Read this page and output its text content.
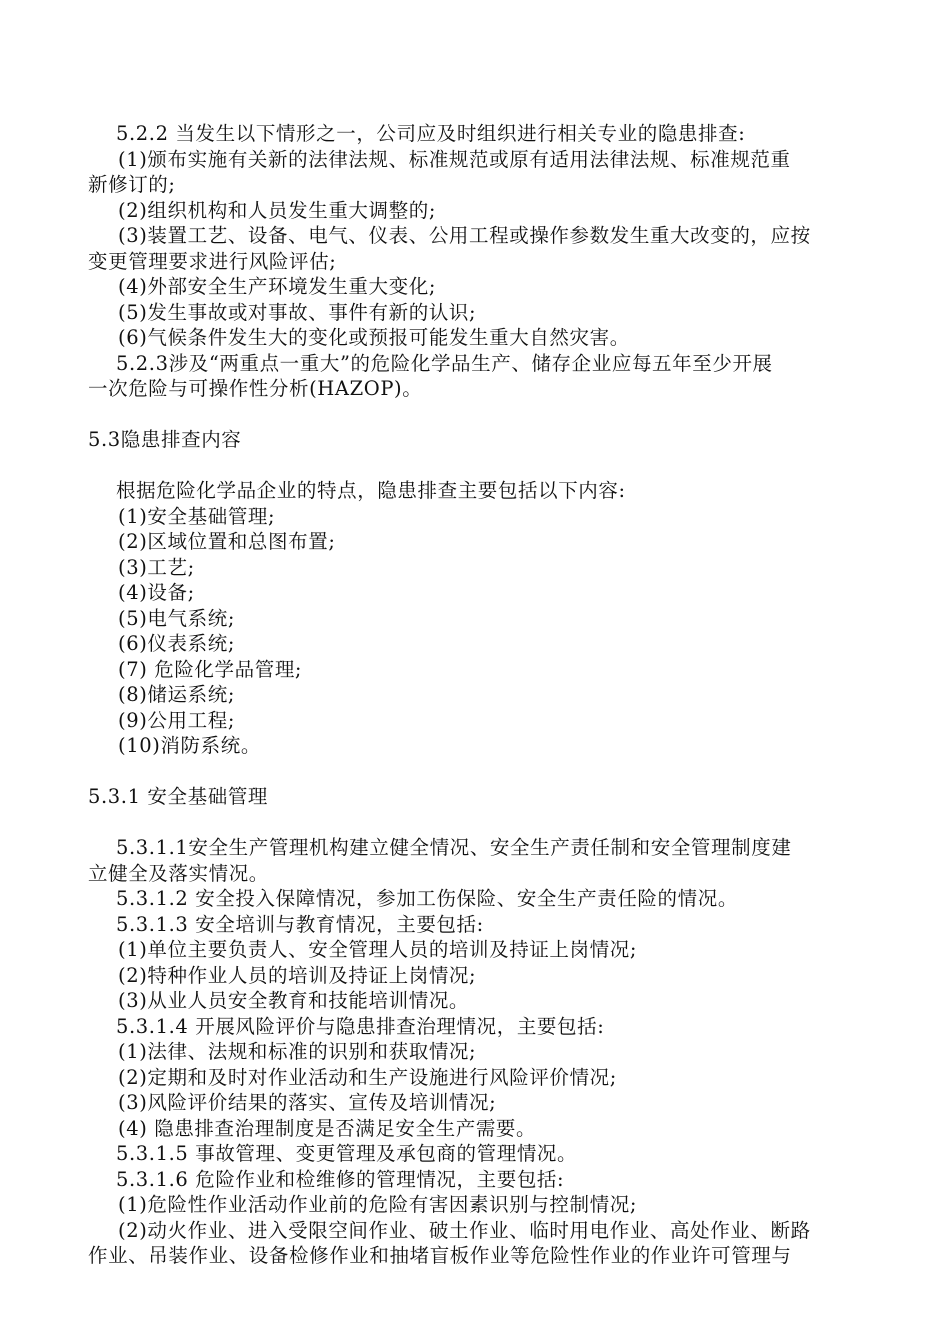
5.2.2 当发生以下情形之一，公司应及时组织进行相关专业的隐患排查:
(1)颁布实施有关新的法律法规、标准规范或原有适用法律法规、标准规范重
新修订的;
(2)组织机构和人员发生重大调整的;
(3)装置工艺、设备、电气、仪表、公用工程或操作参数发生重大改变的，应按
变更管理要求进行风险评估;
(4)外部安全生产环境发生重大变化;
(5)发生事故或对事故、事件有新的认识;
(6)气候条件发生大的变化或预报可能发生重大自然灾害。
5.2.3涉及“两重点一重大”的危险化学品生产、储存企业应每五年至少开展
一次危险与可操作性分析(HAZOP)。
5.3隐患排查内容
根据危险化学品企业的特点，隐患排查主要包括以下内容:
(1)安全基础管理;
(2)区域位置和总图布置;
(3)工艺;
(4)设备;
(5)电气系统;
(6)仪表系统;
(7) 危险化学品管理;
(8)储运系统;
(9)公用工程;
(10)消防系统。
5.3.1 安全基础管理
5.3.1.1安全生产管理机构建立健全情况、安全生产责任制和安全管理制度建
立健全及落实情况。
5.3.1.2 安全投入保障情况，参加工伤保险、安全生产责任险的情况。
5.3.1.3 安全培训与教育情况，主要包括:
(1)单位主要负责人、安全管理人员的培训及持证上岗情况;
(2)特种作业人员的培训及持证上岗情况;
(3)从业人员安全教育和技能培训情况。
5.3.1.4 开展风险评价与隐患排查治理情况，主要包括:
(1)法律、法规和标准的识别和获取情况;
(2)定期和及时对作业活动和生产设施进行风险评价情况;
(3)风险评价结果的落实、宣传及培训情况;
(4) 隐患排查治理制度是否满足安全生产需要。
5.3.1.5 事故管理、变更管理及承包商的管理情况。
5.3.1.6 危险作业和检维修的管理情况，主要包括:
(1)危险性作业活动作业前的危险有害因素识别与控制情况;
(2)动火作业、进入受限空间作业、破土作业、临时用电作业、高处作业、断路
作业、吊装作业、设备检修作业和抽堵盲板作业等危险性作业的作业许可管理与
